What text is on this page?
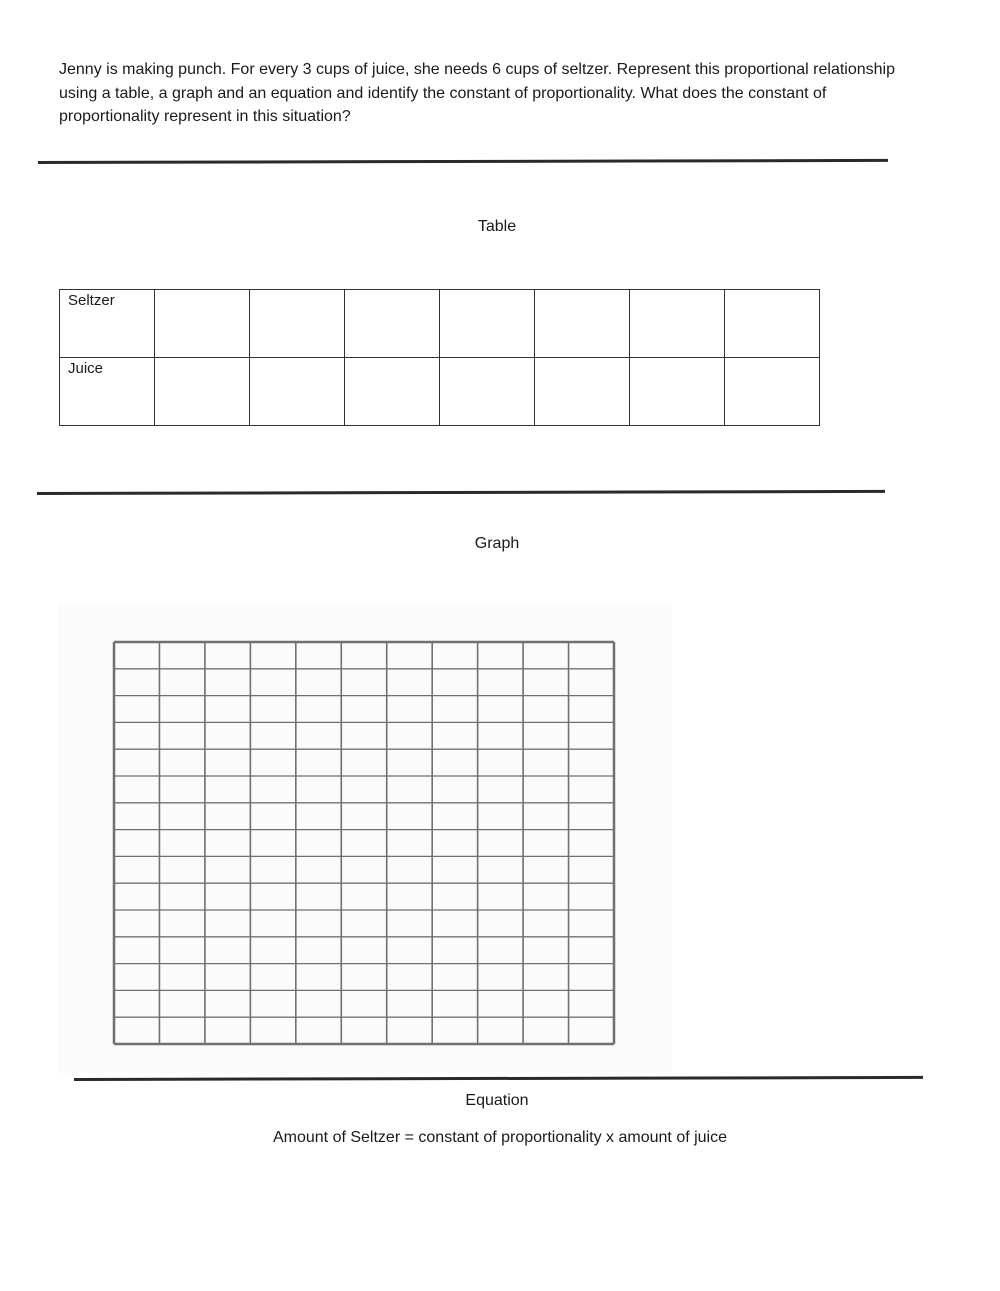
Jenny is making punch. For every 3 cups of juice, she needs 6 cups of seltzer. Represent this proportional relationship using a table, a graph and an equation and identify the constant of proportionality. What does the constant of proportionality represent in this situation?

Table

Seltzer							
Juice							

Graph

Equation

Amount of Seltzer = constant of proportionality x amount of juice
